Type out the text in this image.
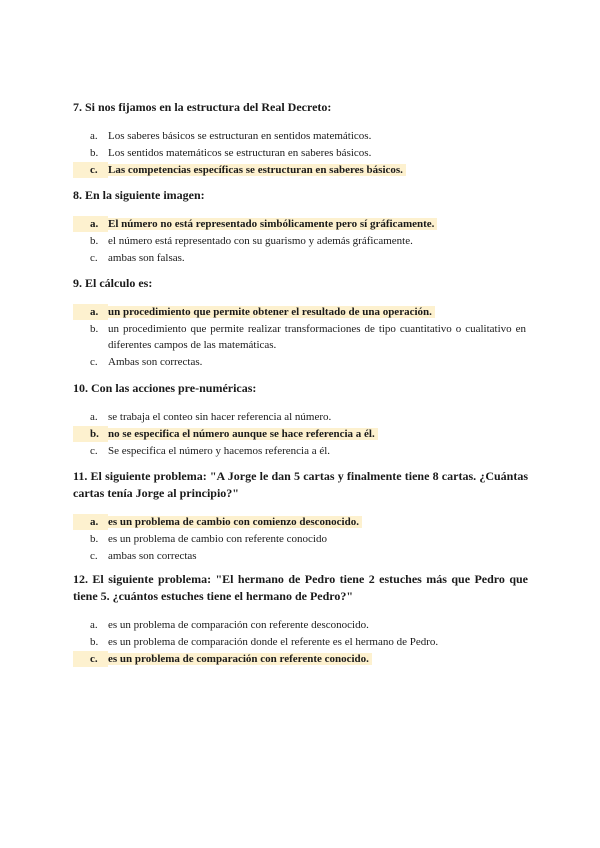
7. Si nos fijamos en la estructura del Real Decreto:
a. Los saberes básicos se estructuran en sentidos matemáticos.
b. Los sentidos matemáticos se estructuran en saberes básicos.
c. Las competencias específicas se estructuran en saberes básicos.
8. En la siguiente imagen:
a. El número no está representado simbólicamente pero sí gráficamente.
b. el número está representado con su guarismo y además gráficamente.
c. ambas son falsas.
9. El cálculo es:
a. un procedimiento que permite obtener el resultado de una operación.
b. un procedimiento que permite realizar transformaciones de tipo cuantitativo o cualitativo en diferentes campos de las matemáticas.
c. Ambas son correctas.
10. Con las acciones pre-numéricas:
a. se trabaja el conteo sin hacer referencia al número.
b. no se especifica el número aunque se hace referencia a él.
c. Se especifica el número y hacemos referencia a él.
11. El siguiente problema: "A Jorge le dan 5 cartas y finalmente tiene 8 cartas. ¿Cuántas cartas tenía Jorge al principio?"
a. es un problema de cambio con comienzo desconocido.
b. es un problema de cambio con referente conocido
c. ambas son correctas
12. El siguiente problema: "El hermano de Pedro tiene 2 estuches más que Pedro que tiene 5. ¿cuántos estuches tiene el hermano de Pedro?"
a. es un problema de comparación con referente desconocido.
b. es un problema de comparación donde el referente es el hermano de Pedro.
c. es un problema de comparación con referente conocido.
